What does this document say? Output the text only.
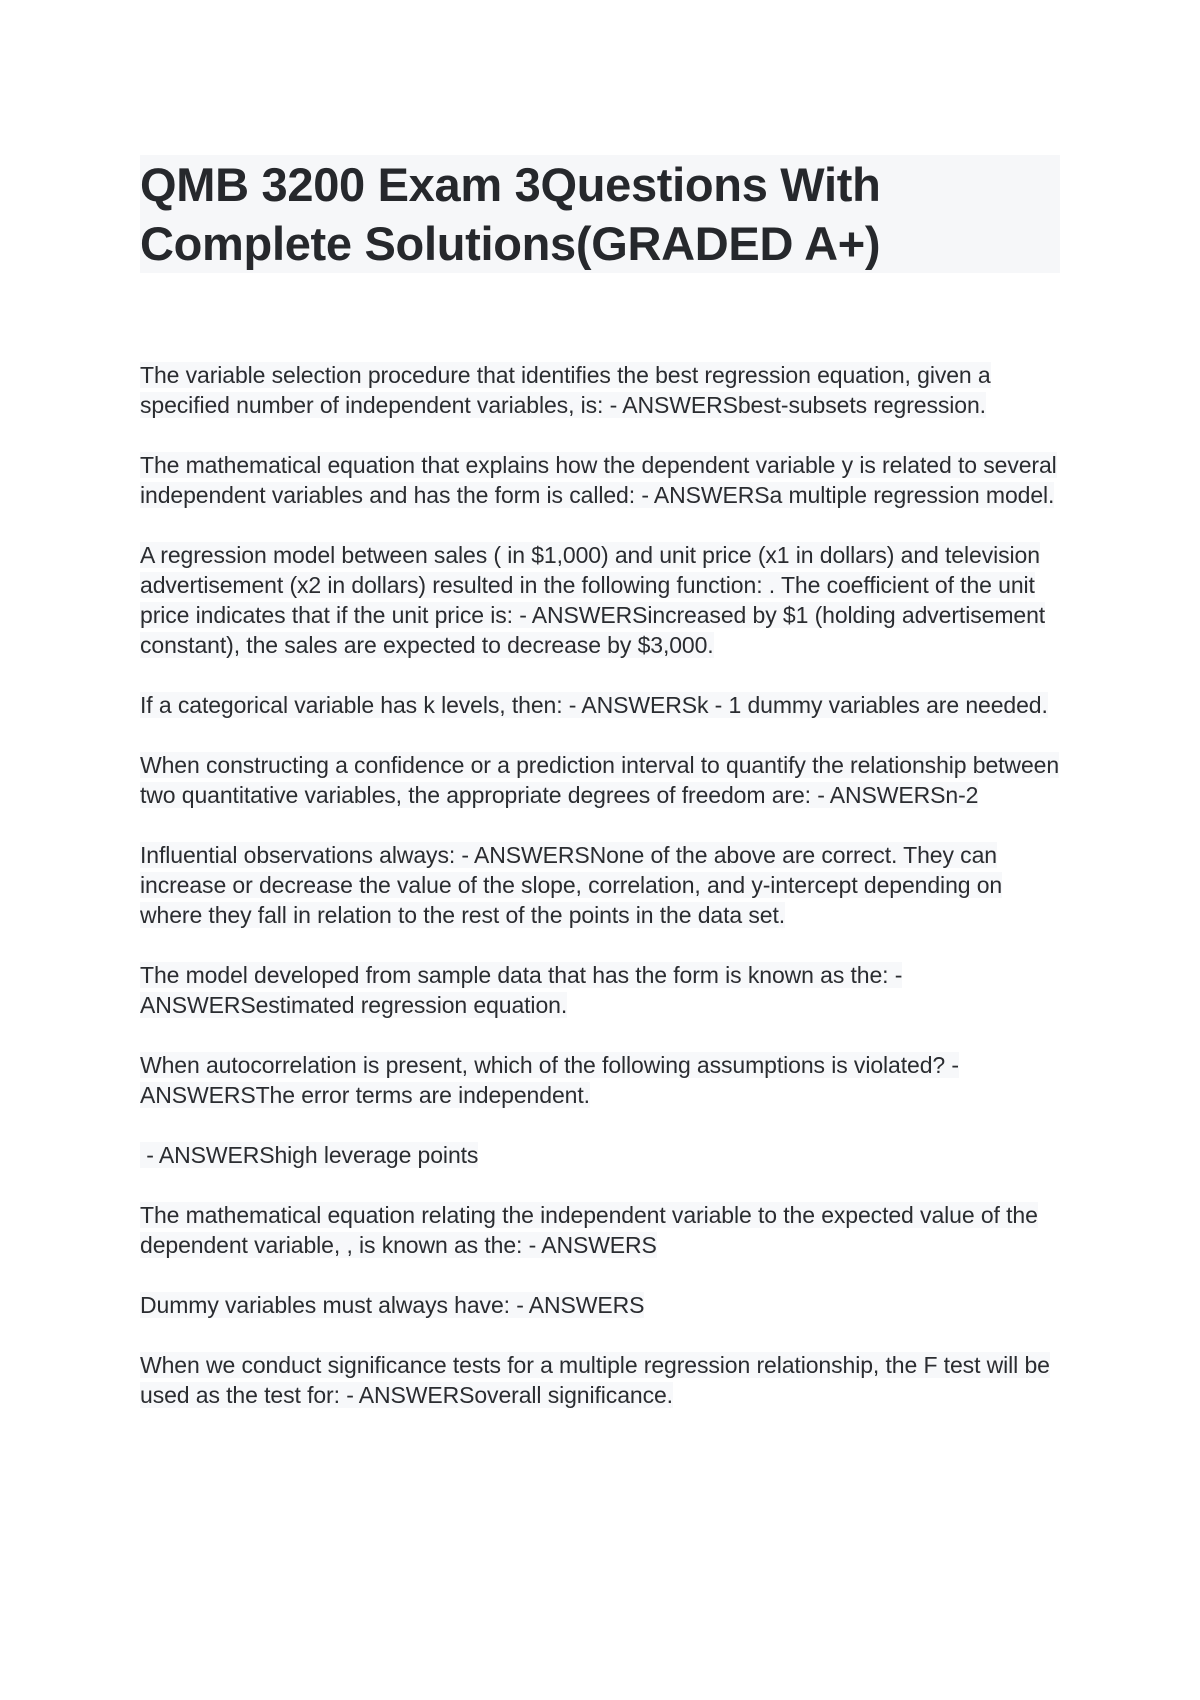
QMB 3200 Exam 3Questions With Complete Solutions(GRADED A+)

The variable selection procedure that identifies the best regression equation, given a specified number of independent variables, is: - ANSWERSbest-subsets regression.

The mathematical equation that explains how the dependent variable y is related to several independent variables and has the form is called: - ANSWERSa multiple regression model.

A regression model between sales ( in $1,000) and unit price (x1 in dollars) and television advertisement (x2 in dollars) resulted in the following function: . The coefficient of the unit price indicates that if the unit price is: - ANSWERSincreased by $1 (holding advertisement constant), the sales are expected to decrease by $3,000.

If a categorical variable has k levels, then: - ANSWERSk - 1 dummy variables are needed.

When constructing a confidence or a prediction interval to quantify the relationship between two quantitative variables, the appropriate degrees of freedom are: - ANSWERSn-2

Influential observations always: - ANSWERSNone of the above are correct. They can increase or decrease the value of the slope, correlation, and y-intercept depending on where they fall in relation to the rest of the points in the data set.

The model developed from sample data that has the form is known as the: - ANSWERSestimated regression equation.

When autocorrelation is present, which of the following assumptions is violated? - ANSWERSThe error terms are independent.

- ANSWERShigh leverage points

The mathematical equation relating the independent variable to the expected value of the dependent variable, , is known as the: - ANSWERS

Dummy variables must always have: - ANSWERS

When we conduct significance tests for a multiple regression relationship, the F test will be used as the test for: - ANSWERSoverall significance.
